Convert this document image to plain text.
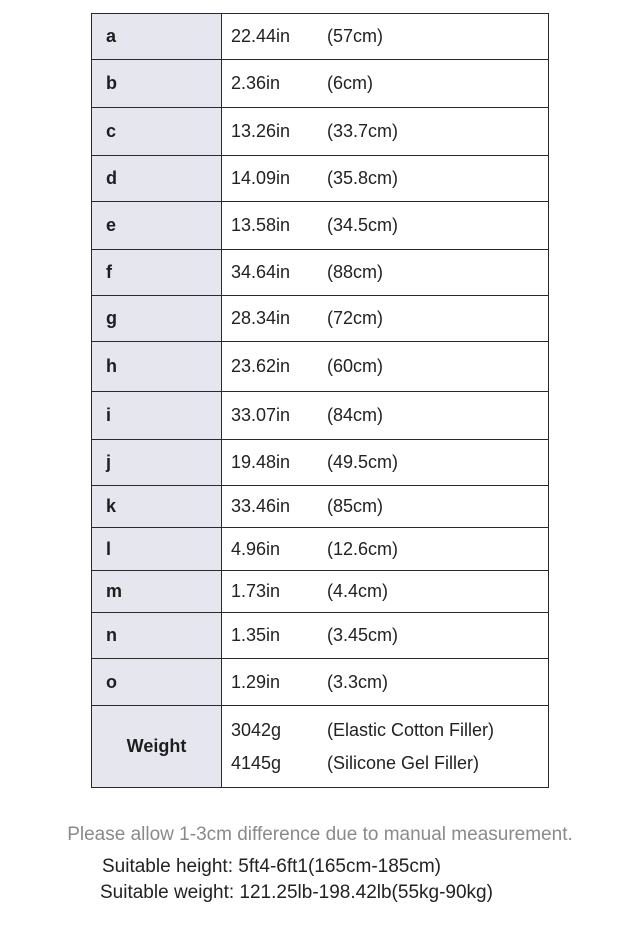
a	22.44in (57cm)

b	2.36in (6cm)

c	13.26in (33.7cm)

d	14.09in (35.8cm)

e	13.58in (34.5cm)

f	34.64in (88cm)

g	28.34in (72cm)

h	23.62in (60cm)

i	33.07in (84cm)

j	19.48in (49.5cm)

k	33.46in (85cm)

l	4.96in (12.6cm)

m	1.73in (4.4cm)

n	1.35in (3.45cm)

o	1.29in (3.3cm)

Weight	3042g (Elastic Cotton Filler)
4145g (Silicone Gel Filler)
Please allow 1-3cm difference due to manual measurement.
Suitable height: 5ft4-6ft1(165cm-185cm)
Suitable weight: 121.25lb-198.42lb(55kg-90kg)
